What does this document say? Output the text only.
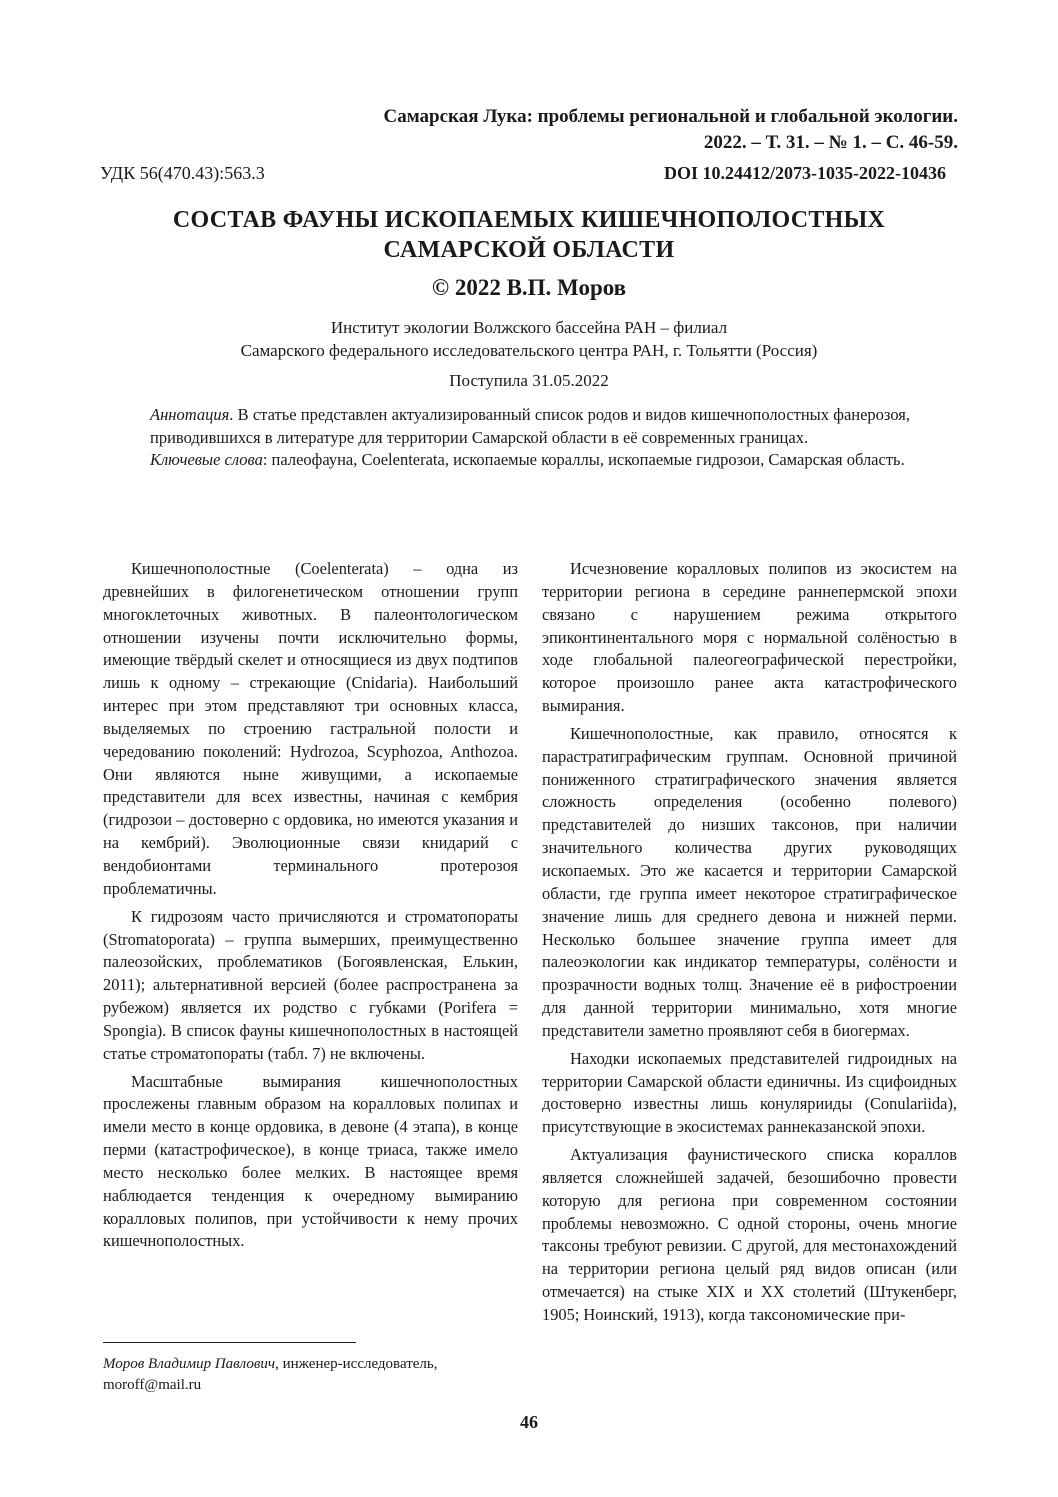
Самарская Лука: проблемы региональной и глобальной экологии.
2022. – Т. 31. – № 1. – С. 46-59.
УДК 56(470.43):563.3	DOI 10.24412/2073-1035-2022-10436
СОСТАВ ФАУНЫ ИСКОПАЕМЫХ КИШЕЧНОПОЛОСТНЫХ
САМАРСКОЙ ОБЛАСТИ
© 2022 В.П. Моров
Институт экологии Волжского бассейна РАН – филиал
Самарского федерального исследовательского центра РАН, г. Тольятти (Россия)
Поступила 31.05.2022

Аннотация. В статье представлен актуализированный список родов и видов кишечнополостных фанерозоя, приводившихся в литературе для территории Самарской области в её современных границах.

Ключевые слова: палеофауна, Coelenterata, ископаемые кораллы, ископаемые гидрозои, Самарская область.

Кишечнополостные (Coelenterata) – одна из древнейших в филогенетическом отношении групп многоклеточных животных. В палеонтологическом отношении изучены почти исключительно формы, имеющие твёрдый скелет и относящиеся из двух подтипов лишь к одному – стрекающие (Cnidaria). Наибольший интерес при этом представляют три основных класса, выделяемых по строению гастральной полости и чередованию поколений: Hydrozoa, Scyphozoa, Anthozoa. Они являются ныне живущими, а ископаемые представители для всех известны, начиная с кембрия (гидрозои – достоверно с ордовика, но имеются указания и на кембрий). Эволюционные связи книдарий с вендобионтами терминального протерозоя проблематичны.

К гидрозоям часто причисляются и строматопораты (Stromatoporata) – группа вымерших, преимущественно палеозойских, проблематиков (Богоявленская, Елькин, 2011); альтернативной версией (более распространена за рубежом) является их родство с губками (Porifera = Spongia). В список фауны кишечнополостных в настоящей статье строматопораты (табл. 7) не включены.

Масштабные вымирания кишечнополостных прослежены главным образом на коралловых полипах и имели место в конце ордовика, в девоне (4 этапа), в конце перми (катастрофическое), в конце триаса, также имело место несколько более мелких. В настоящее время наблюдается тенденция к очередному вымиранию коралловых полипов, при устойчивости к нему прочих кишечнополостных.

Исчезновение коралловых полипов из экосистем на территории региона в середине раннепермской эпохи связано с нарушением режима открытого эпиконтинентального моря с нормальной солёностью в ходе глобальной палеогеографической перестройки, которое произошло ранее акта катастрофического вымирания.

Кишечнополостные, как правило, относятся к парастратиграфическим группам. Основной причиной пониженного стратиграфического значения является сложность определения (особенно полевого) представителей до низших таксонов, при наличии значительного количества других руководящих ископаемых. Это же касается и территории Самарской области, где группа имеет некоторое стратиграфическое значение лишь для среднего девона и нижней перми. Несколько большее значение группа имеет для палеоэкологии как индикатор температуры, солёности и прозрачности водных толщ. Значение её в рифостроении для данной территории минимально, хотя многие представители заметно проявляют себя в биогермах.

Находки ископаемых представителей гидроидных на территории Самарской области единичны. Из сцифоидных достоверно известны лишь конулярииды (Conulariida), присутствующие в экосистемах раннеказанской эпохи.

Актуализация фаунистического списка кораллов является сложнейшей задачей, безошибочно провести которую для региона при современном состоянии проблемы невозможно. С одной стороны, очень многие таксоны требуют ревизии. С другой, для местонахождений на территории региона целый ряд видов описан (или отмечается) на стыке XIX и XX столетий (Штукенберг, 1905; Ноинский, 1913), когда таксономические при-

Моров Владимир Павлович, инженер-исследователь,
moroff@mail.ru
46
